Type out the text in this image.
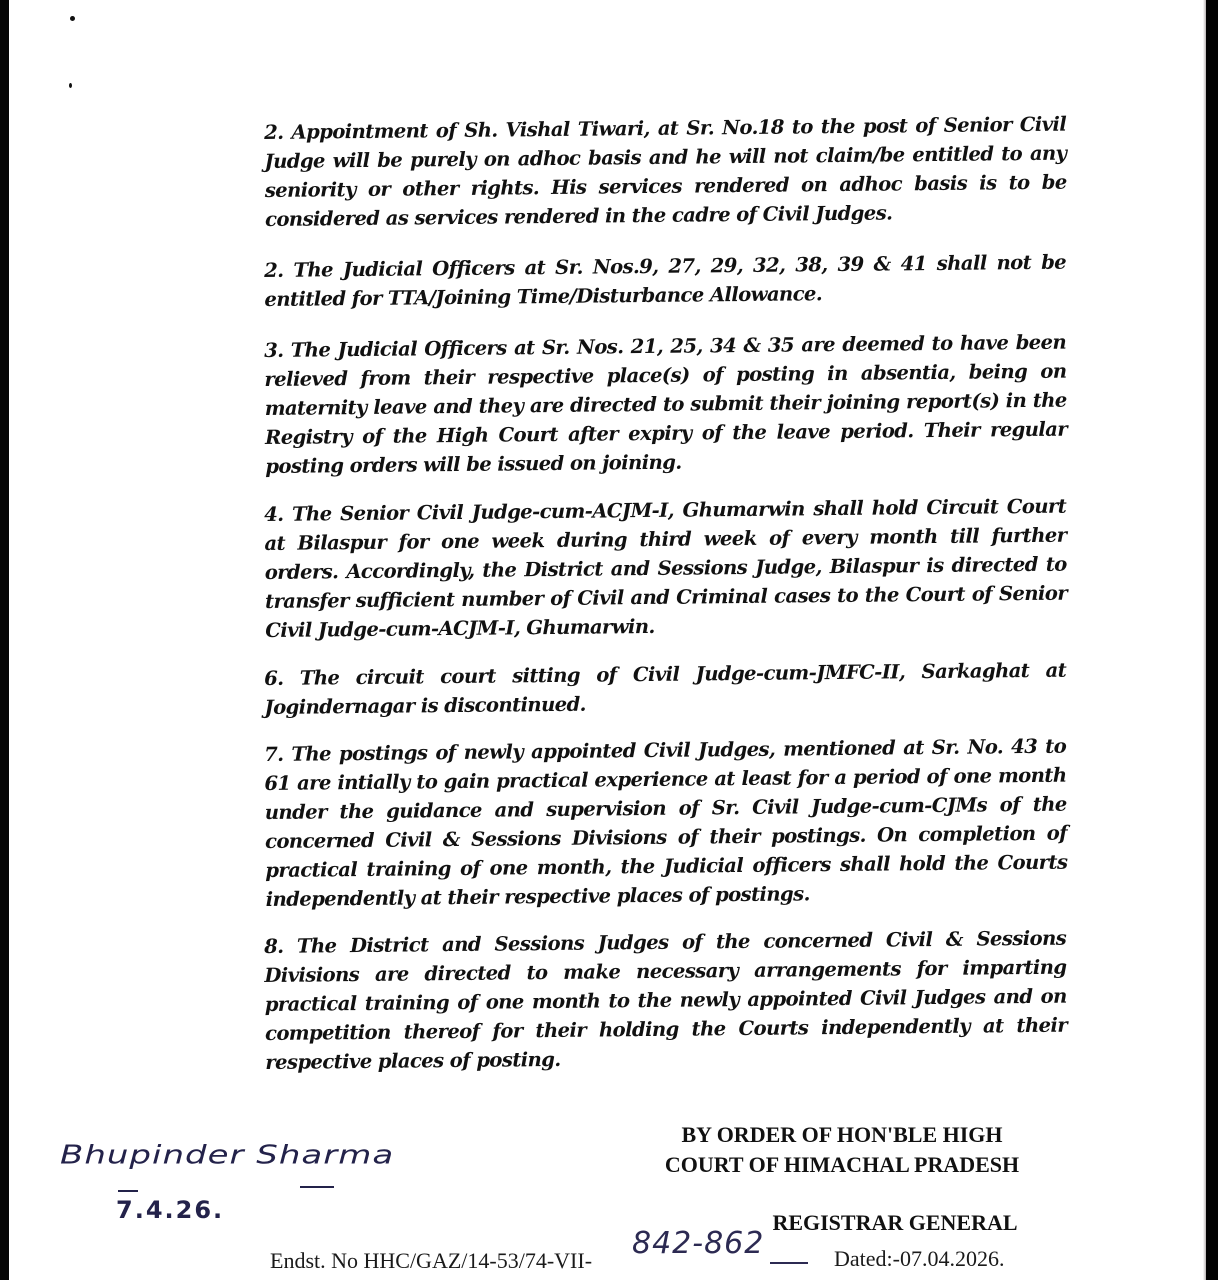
2. Appointment of Sh. Vishal Tiwari, at Sr. No.18 to the post of Senior Civil Judge will be purely on adhoc basis and he will not claim/be entitled to any seniority or other rights. His services rendered on adhoc basis is to be considered as services rendered in the cadre of Civil Judges.

2. The Judicial Officers at Sr. Nos.9, 27, 29, 32, 38, 39 & 41 shall not be entitled for TTA/Joining Time/Disturbance Allowance.

3. The Judicial Officers at Sr. Nos. 21, 25, 34 & 35 are deemed to have been relieved from their respective place(s) of posting in absentia, being on maternity leave and they are directed to submit their joining report(s) in the Registry of the High Court after expiry of the leave period. Their regular posting orders will be issued on joining.

4. The Senior Civil Judge-cum-ACJM-I, Ghumarwin shall hold Circuit Court at Bilaspur for one week during third week of every month till further orders. Accordingly, the District and Sessions Judge, Bilaspur is directed to transfer sufficient number of Civil and Criminal cases to the Court of Senior Civil Judge-cum-ACJM-I, Ghumarwin.

6. The circuit court sitting of Civil Judge-cum-JMFC-II, Sarkaghat at Jogindernagar is discontinued.

7. The postings of newly appointed Civil Judges, mentioned at Sr. No. 43 to 61 are intially to gain practical experience at least for a period of one month under the guidance and supervision of Sr. Civil Judge-cum-CJMs of the concerned Civil & Sessions Divisions of their postings. On completion of practical training of one month, the Judicial officers shall hold the Courts independently at their respective places of postings.

8. The District and Sessions Judges of the concerned Civil & Sessions Divisions are directed to make necessary arrangements for imparting practical training of one month to the newly appointed Civil Judges and on competition thereof for their holding the Courts independently at their respective places of posting.

BY ORDER OF HON'BLE HIGH
COURT OF HIMACHAL PRADESH
Bhupinder Sharma
7.4.26.	REGISTRAR GENERAL
Endst. No HHC/GAZ/14-53/74-VII- 842-862	Dated:-07.04.2026.
